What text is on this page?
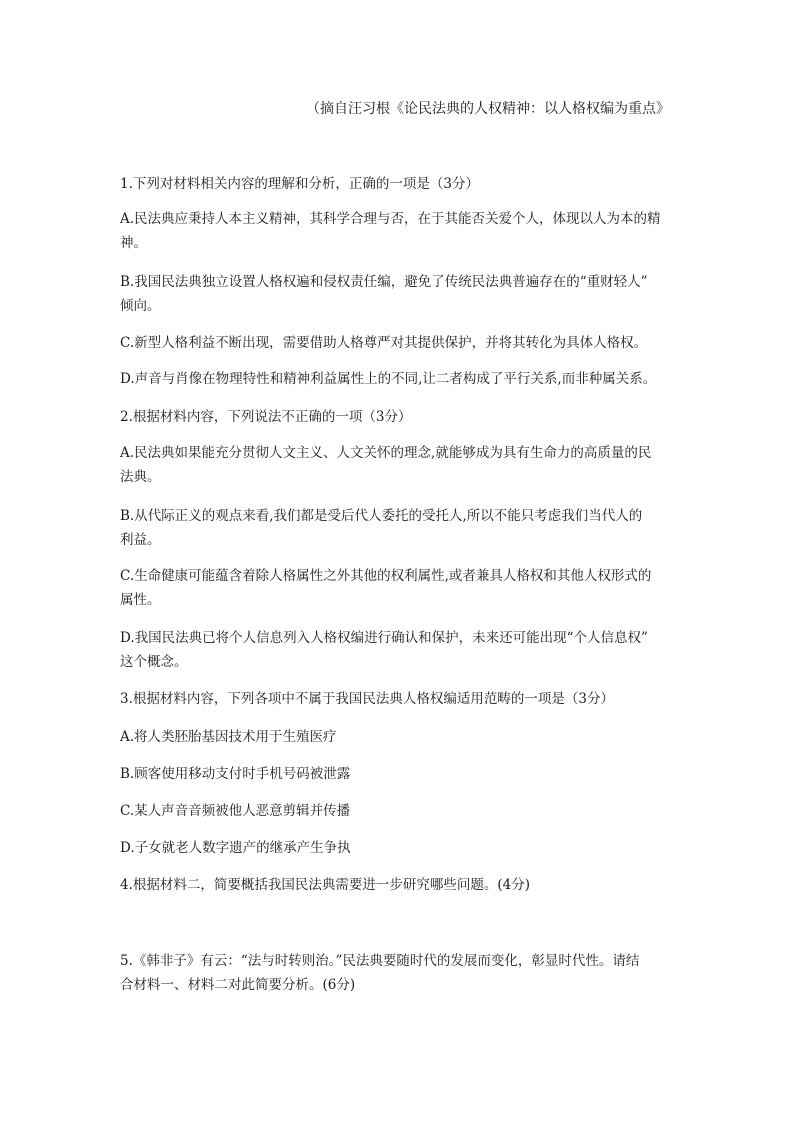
（摘自汪习根《论民法典的人权精神：以人格权编为重点》

1.下列对材料相关内容的理解和分析，正确的一项是（3分）

A.民法典应秉持人本主义精神，其科学合理与否，在于其能否关爱个人，体现以人为本的精

神。

B.我国民法典独立设置人格权遍和侵权责任编，避免了传统民法典普遍存在的“重财轻人”

倾向。

C.新型人格利益不断出现，需要借助人格尊严对其提供保护，并将其转化为具体人格权。

D.声音与肖像在物理特性和精神利益属性上的不同,让二者构成了平行关系,而非种属关系。

2.根据材料内容，下列说法不正确的一项（3分）

A.民法典如果能充分贯彻人文主义、人文关怀的理念,就能够成为具有生命力的高质量的民

法典。

B.从代际正义的观点来看,我们都是受后代人委托的受托人,所以不能只考虑我们当代人的

利益。

C.生命健康可能蕴含着除人格属性之外其他的权利属性,或者兼具人格权和其他人权形式的

属性。

D.我国民法典已将个人信息列入人格权编进行确认和保护，未来还可能出现“个人信息权”

这个概念。

3.根据材料内容，下列各项中不属于我国民法典人格权编适用范畴的一项是（3分）

A.将人类胚胎基因技术用于生殖医疗

B.顾客使用移动支付时手机号码被泄露

C.某人声音音频被他人恶意剪辑并传播

D.子女就老人数字遗产的继承产生争执

4.根据材料二，简要概括我国民法典需要进一步研究哪些问题。(4分)

5.《韩非子》有云：“法与时转则治。”民法典要随时代的发展而变化，彰显时代性。请结

合材料一、材料二对此简要分析。(6分)
